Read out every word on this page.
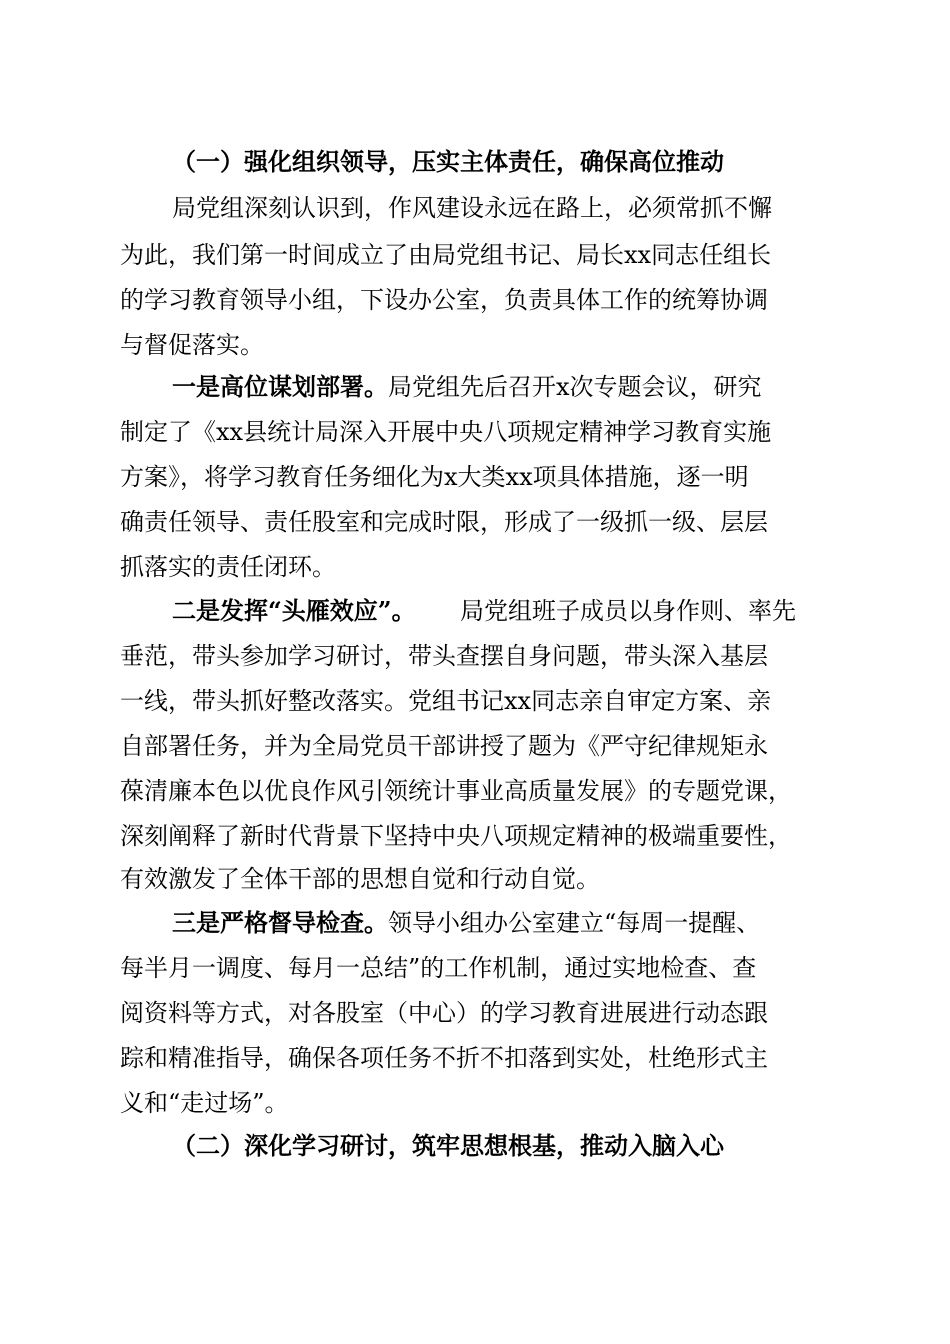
（一）强化组织领导，压实主体责任，确保高位推动
局党组深刻认识到，作风建设永远在路上，必须常抓不懈
为此，我们第一时间成立了由局党组书记、局长xx同志任组长
的学习教育领导小组，下设办公室，负责具体工作的统筹协调
与督促落实。
一是高位谋划部署。 局党组先后召开x次专题会议，研究
制定了《xx县统计局深入开展中央八项规定精神学习教育实施
方案》，将学习教育任务细化为x大类xx项具体措施，逐一明
确责任领导、责任股室和完成时限，形成了一级抓一级、层层
抓落实的责任闭环。
二是发挥“头雁效应”。 局党组班子成员以身作则、率先
垂范，带头参加学习研讨，带头查摆自身问题，带头深入基层
一线，带头抓好整改落实。党组书记xx同志亲自审定方案、亲
自部署任务，并为全局党员干部讲授了题为《严守纪律规矩永
葆清廉本色以优良作风引领统计事业高质量发展》的专题党课，
深刻阐释了新时代背景下坚持中央八项规定精神的极端重要性，
有效激发了全体干部的思想自觉和行动自觉。
三是严格督导检查。 领导小组办公室建立“每周一提醒、
每半月一调度、每月一总结”的工作机制，通过实地检查、查
阅资料等方式，对各股室（中心）的学习教育进展进行动态跟
踪和精准指导，确保各项任务不折不扣落到实处，杜绝形式主
义和“走过场”。
（二）深化学习研讨，筑牢思想根基，推动入脑入心
